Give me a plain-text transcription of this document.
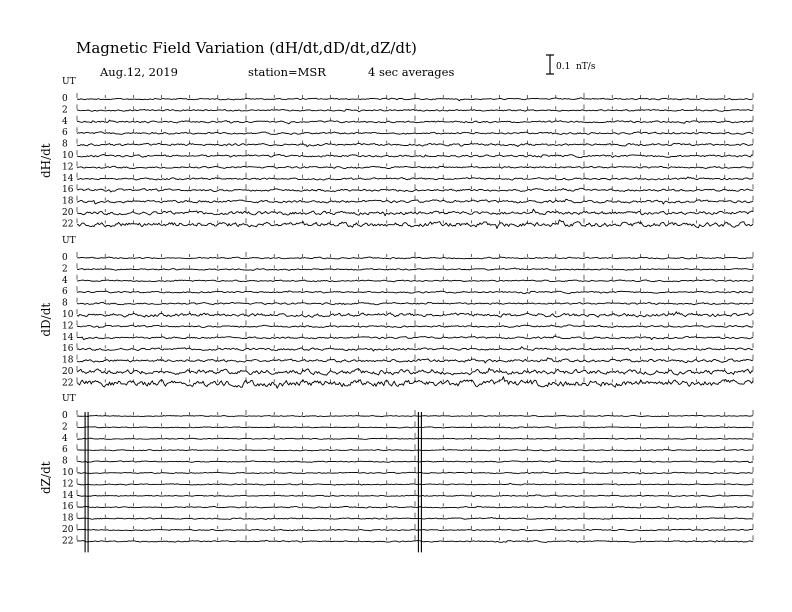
Magnetic Field Variation (dH/dt,dD/dt,dZ/dt)
Aug.12, 2019	station=MSR	4 sec averages	0.1 nT/s
UT
dH/dt
0
2
4
6
8
10
12
14
16
18
20
22
UT
dD/dt
0
2
4
6
8
10
12
14
16
18
20
22
UT
dZ/dt
0
2
4
6
8
10
12
14
16
18
20
22
